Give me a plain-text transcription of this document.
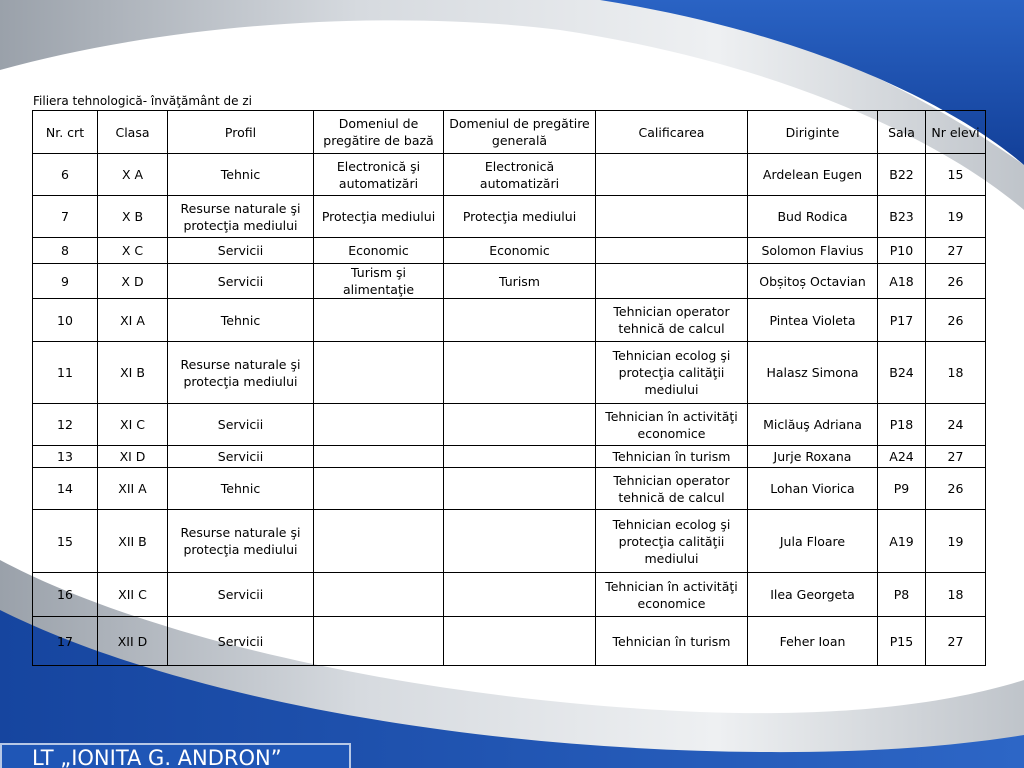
Filiera tehnologică- învăţământ de zi
Nr. crt	Clasa	Profil	Domeniul de pregătire de bază	Domeniul de pregătire generală	Calificarea	Diriginte	Sala	Nr elevi
6	X A	Tehnic	Electronică şi automatizări	Electronică automatizări		Ardelean Eugen	B22	15
7	X B	Resurse naturale şi protecţia mediului	Protecţia mediului	Protecţia mediului		Bud Rodica	B23	19
8	X C	Servicii	Economic	Economic		Solomon Flavius	P10	27
9	X D	Servicii	Turism şi alimentaţie	Turism		Obșitoș Octavian	A18	26
10	XI A	Tehnic			Tehnician operator tehnică de calcul	Pintea Violeta	P17	26
11	XI B	Resurse naturale şi protecţia mediului			Tehnician ecolog şi protecţia calităţii mediului	Halasz Simona	B24	18
12	XI C	Servicii			Tehnician în activităţi economice	Miclăuş Adriana	P18	24
13	XI D	Servicii			Tehnician în turism	Jurje Roxana	A24	27
14	XII A	Tehnic			Tehnician operator tehnică de calcul	Lohan Viorica	P9	26
15	XII B	Resurse naturale şi protecţia mediului			Tehnician ecolog şi protecţia calităţii mediului	Jula Floare	A19	19
16	XII C	Servicii			Tehnician în activităţi economice	Ilea Georgeta	P8	18
17	XII D	Servicii			Tehnician în turism	Feher Ioan	P15	27
LT „IONITA G. ANDRON”
